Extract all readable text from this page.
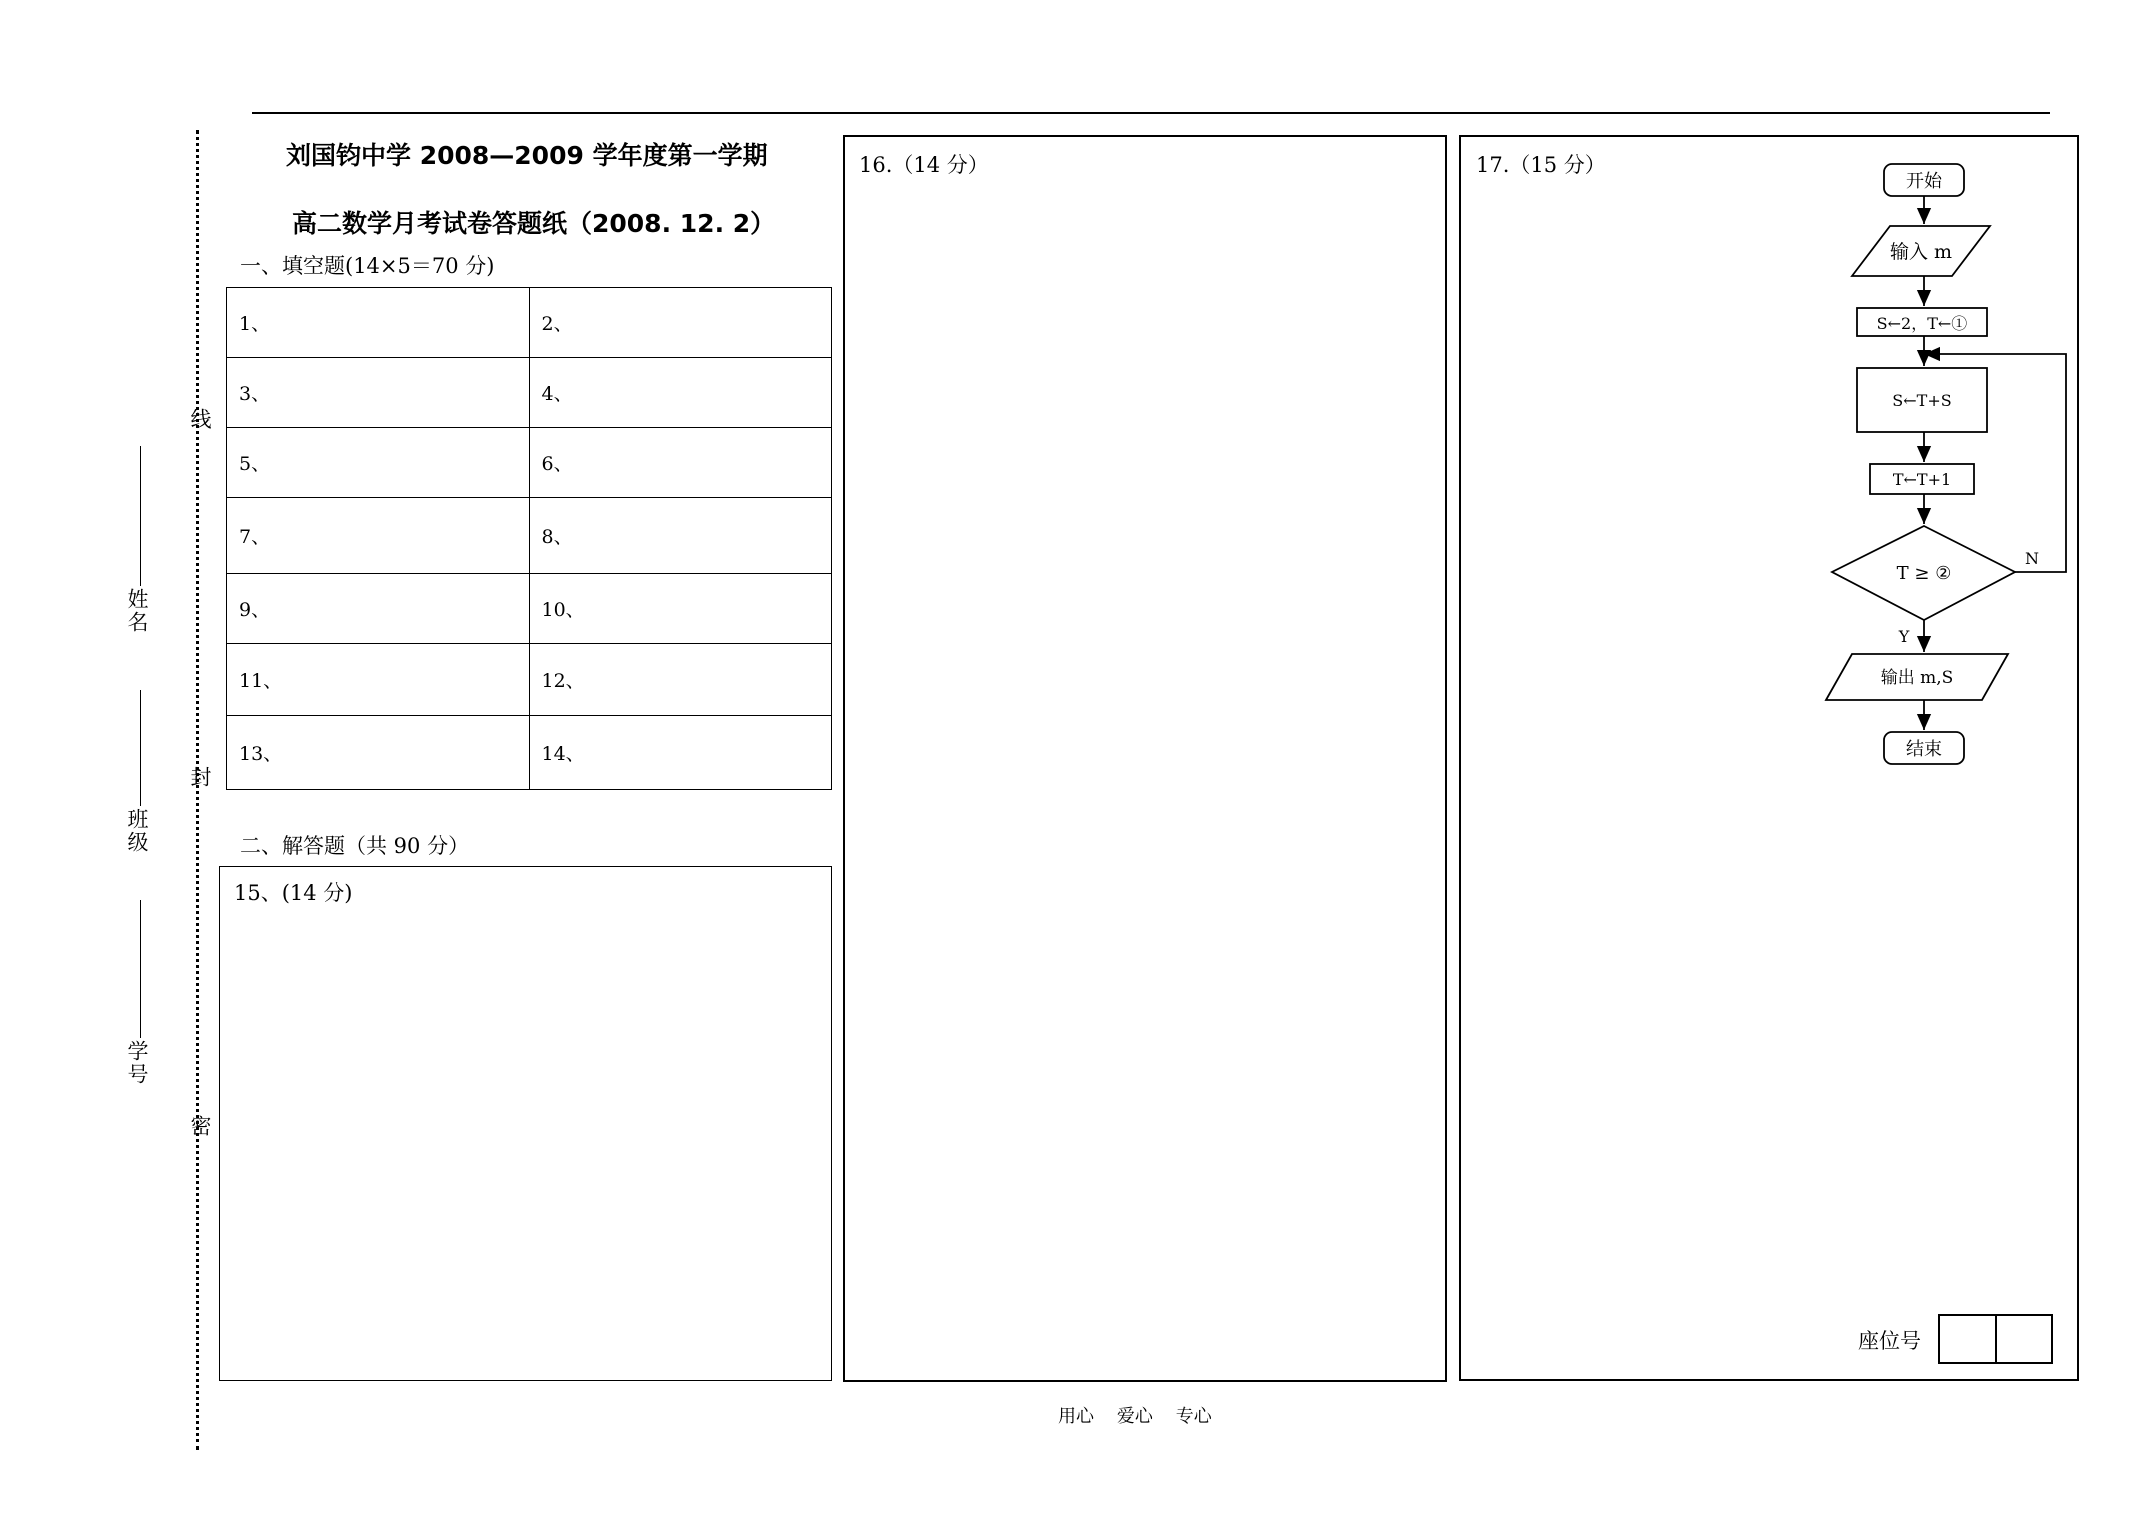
线
封
密
姓名
班级
学号
刘国钧中学 2008—2009 学年度第一学期
高二数学月考试卷答题纸（2008. 12. 2）
一、填空题(14×5＝70 分)
1、	2、
3、	4、
5、	6、
7、	8、
9、	10、
11、	12、
13、	14、
二、解答题（共 90 分）
15、(14 分)
16.（14 分）	17.（15 分）
开始
输入 m
S←2，T←①
S←T+S
T←T+1
T ≥ ②
Y
N
输出 m,S
结束
座位号
用心    爱心    专心
